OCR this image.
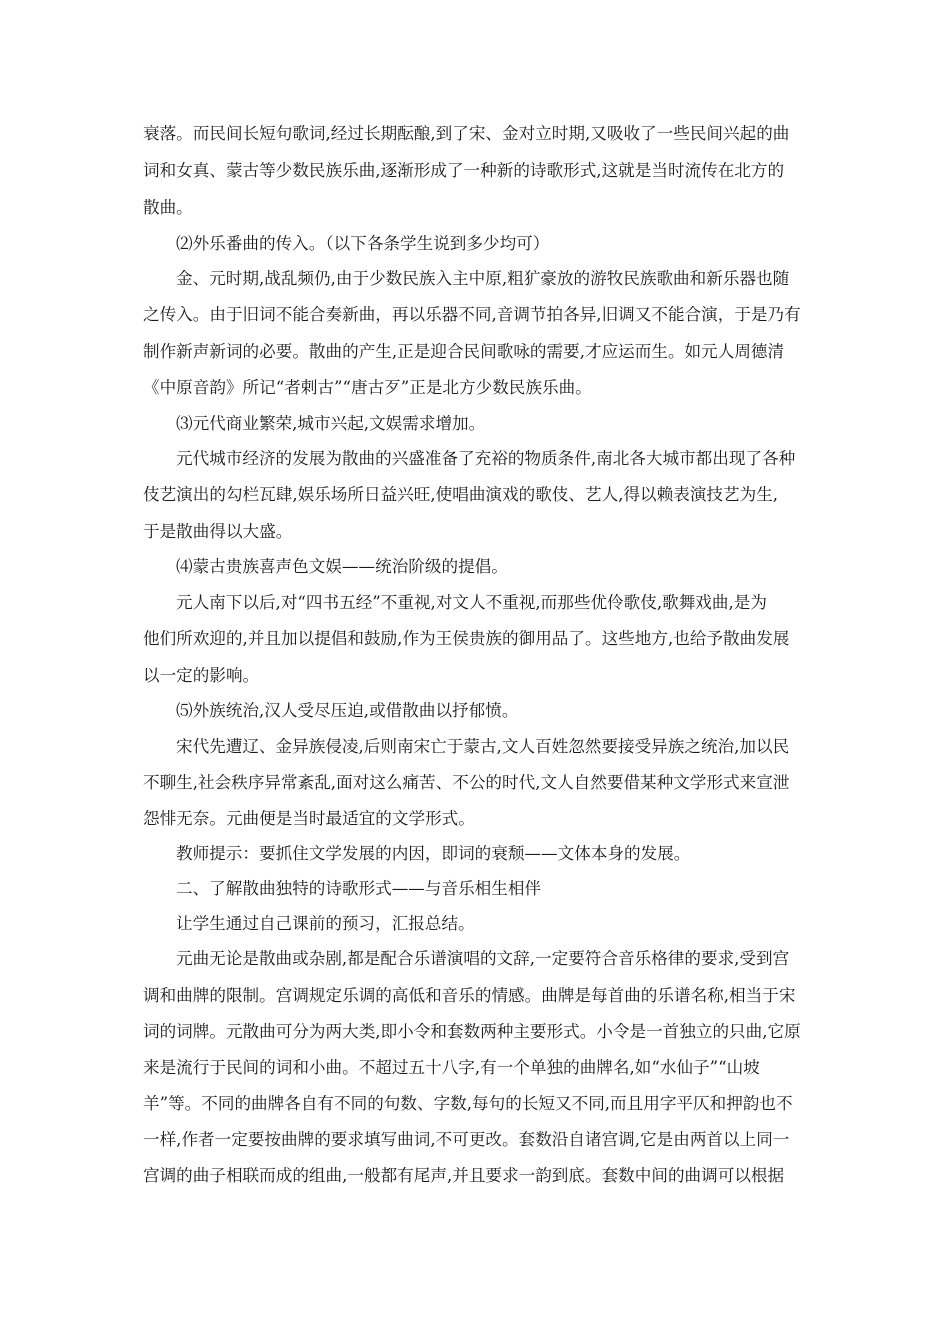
衰落。而民间长短句歌词,经过长期酝酿,到了宋、金对立时期,又吸收了一些民间兴起的曲
词和女真、蒙古等少数民族乐曲,逐渐形成了一种新的诗歌形式,这就是当时流传在北方的
散曲。
⑵外乐番曲的传入。（以下各条学生说到多少均可）
金、元时期,战乱频仍,由于少数民族入主中原,粗犷豪放的游牧民族歌曲和新乐器也随
之传入。由于旧词不能合奏新曲，再以乐器不同,音调节拍各异,旧调又不能合演，于是乃有
制作新声新词的必要。散曲的产生,正是迎合民间歌咏的需要,才应运而生。如元人周德清
《中原音韵》所记“者剌古”“唐古歹”正是北方少数民族乐曲。
⑶元代商业繁荣,城市兴起,文娱需求增加。
元代城市经济的发展为散曲的兴盛准备了充裕的物质条件,南北各大城市都出现了各种
伎艺演出的勾栏瓦肆,娱乐场所日益兴旺,使唱曲演戏的歌伎、艺人,得以赖表演技艺为生,
于是散曲得以大盛。
⑷蒙古贵族喜声色文娱——统治阶级的提倡。
元人南下以后,对“四书五经”不重视,对文人不重视,而那些优伶歌伎,歌舞戏曲,是为
他们所欢迎的,并且加以提倡和鼓励,作为王侯贵族的御用品了。这些地方,也给予散曲发展
以一定的影响。
⑸外族统治,汉人受尽压迫,或借散曲以抒郁愤。
宋代先遭辽、金异族侵凌,后则南宋亡于蒙古,文人百姓忽然要接受异族之统治,加以民
不聊生,社会秩序异常紊乱,面对这么痛苦、不公的时代,文人自然要借某种文学形式来宣泄
怨悱无奈。元曲便是当时最适宜的文学形式。
教师提示：要抓住文学发展的内因，即词的衰颓——文体本身的发展。
二、了解散曲独特的诗歌形式——与音乐相生相伴
让学生通过自己课前的预习，汇报总结。
元曲无论是散曲或杂剧,都是配合乐谱演唱的文辞,一定要符合音乐格律的要求,受到宫
调和曲牌的限制。宫调规定乐调的高低和音乐的情感。曲牌是每首曲的乐谱名称,相当于宋
词的词牌。元散曲可分为两大类,即小令和套数两种主要形式。小令是一首独立的只曲,它原
来是流行于民间的词和小曲。不超过五十八字,有一个单独的曲牌名,如“水仙子”“山坡
羊”等。不同的曲牌各自有不同的句数、字数,每句的长短又不同,而且用字平仄和押韵也不
一样,作者一定要按曲牌的要求填写曲词,不可更改。套数沿自诸宫调,它是由两首以上同一
宫调的曲子相联而成的组曲,一般都有尾声,并且要求一韵到底。套数中间的曲调可以根据
